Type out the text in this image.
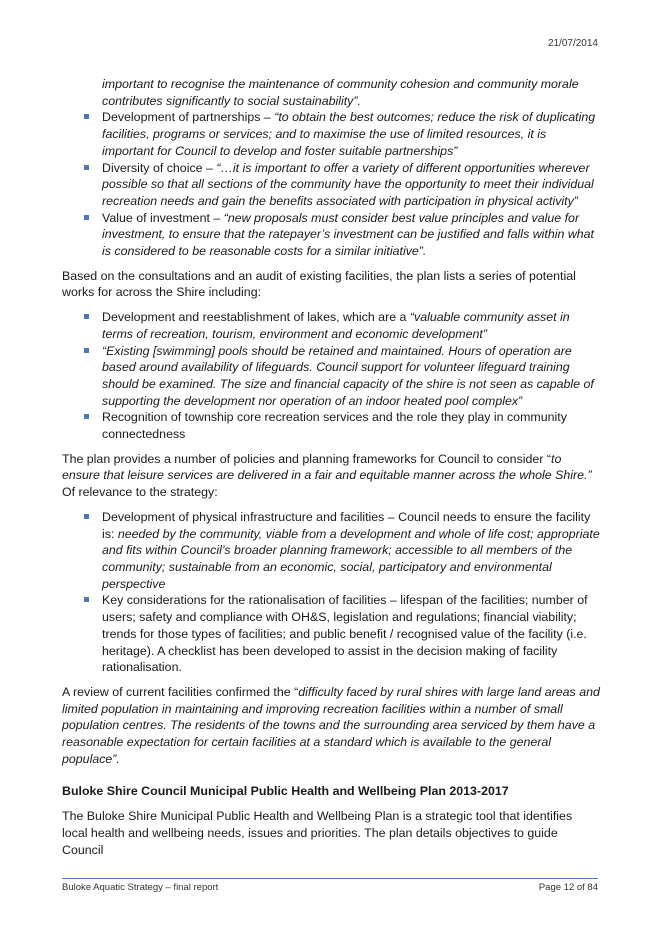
21/07/2014
important to recognise the maintenance of community cohesion and community morale contributes significantly to social sustainability”.
Development of partnerships – “to obtain the best outcomes; reduce the risk of duplicating facilities, programs or services; and to maximise the use of limited resources, it is important for Council to develop and foster suitable partnerships”
Diversity of choice – “…it is important to offer a variety of different opportunities wherever possible so that all sections of the community have the opportunity to meet their individual recreation needs and gain the benefits associated with participation in physical activity”
Value of investment – “new proposals must consider best value principles and value for investment, to ensure that the ratepayer’s investment can be justified and falls within what is considered to be reasonable costs for a similar initiative”.

Based on the consultations and an audit of existing facilities, the plan lists a series of potential works for across the Shire including:

Development and reestablishment of lakes, which are a “valuable community asset in terms of recreation, tourism, environment and economic development”
“Existing [swimming] pools should be retained and maintained. Hours of operation are based around availability of lifeguards. Council support for volunteer lifeguard training should be examined. The size and financial capacity of the shire is not seen as capable of supporting the development nor operation of an indoor heated pool complex”
Recognition of township core recreation services and the role they play in community connectedness

The plan provides a number of policies and planning frameworks for Council to consider “to ensure that leisure services are delivered in a fair and equitable manner across the whole Shire.” Of relevance to the strategy:

Development of physical infrastructure and facilities – Council needs to ensure the facility is: needed by the community, viable from a development and whole of life cost; appropriate and fits within Council’s broader planning framework; accessible to all members of the community; sustainable from an economic, social, participatory and environmental perspective
Key considerations for the rationalisation of facilities – lifespan of the facilities; number of users; safety and compliance with OH&S, legislation and regulations; financial viability; trends for those types of facilities; and public benefit / recognised value of the facility (i.e. heritage). A checklist has been developed to assist in the decision making of facility rationalisation.

A review of current facilities confirmed the “difficulty faced by rural shires with large land areas and limited population in maintaining and improving recreation facilities within a number of small population centres. The residents of the towns and the surrounding area serviced by them have a reasonable expectation for certain facilities at a standard which is available to the general populace”.

Buloke Shire Council Municipal Public Health and Wellbeing Plan 2013-2017

The Buloke Shire Municipal Public Health and Wellbeing Plan is a strategic tool that identifies local health and wellbeing needs, issues and priorities. The plan details objectives to guide Council

Buloke Aquatic Strategy – final report	Page 12 of 84
